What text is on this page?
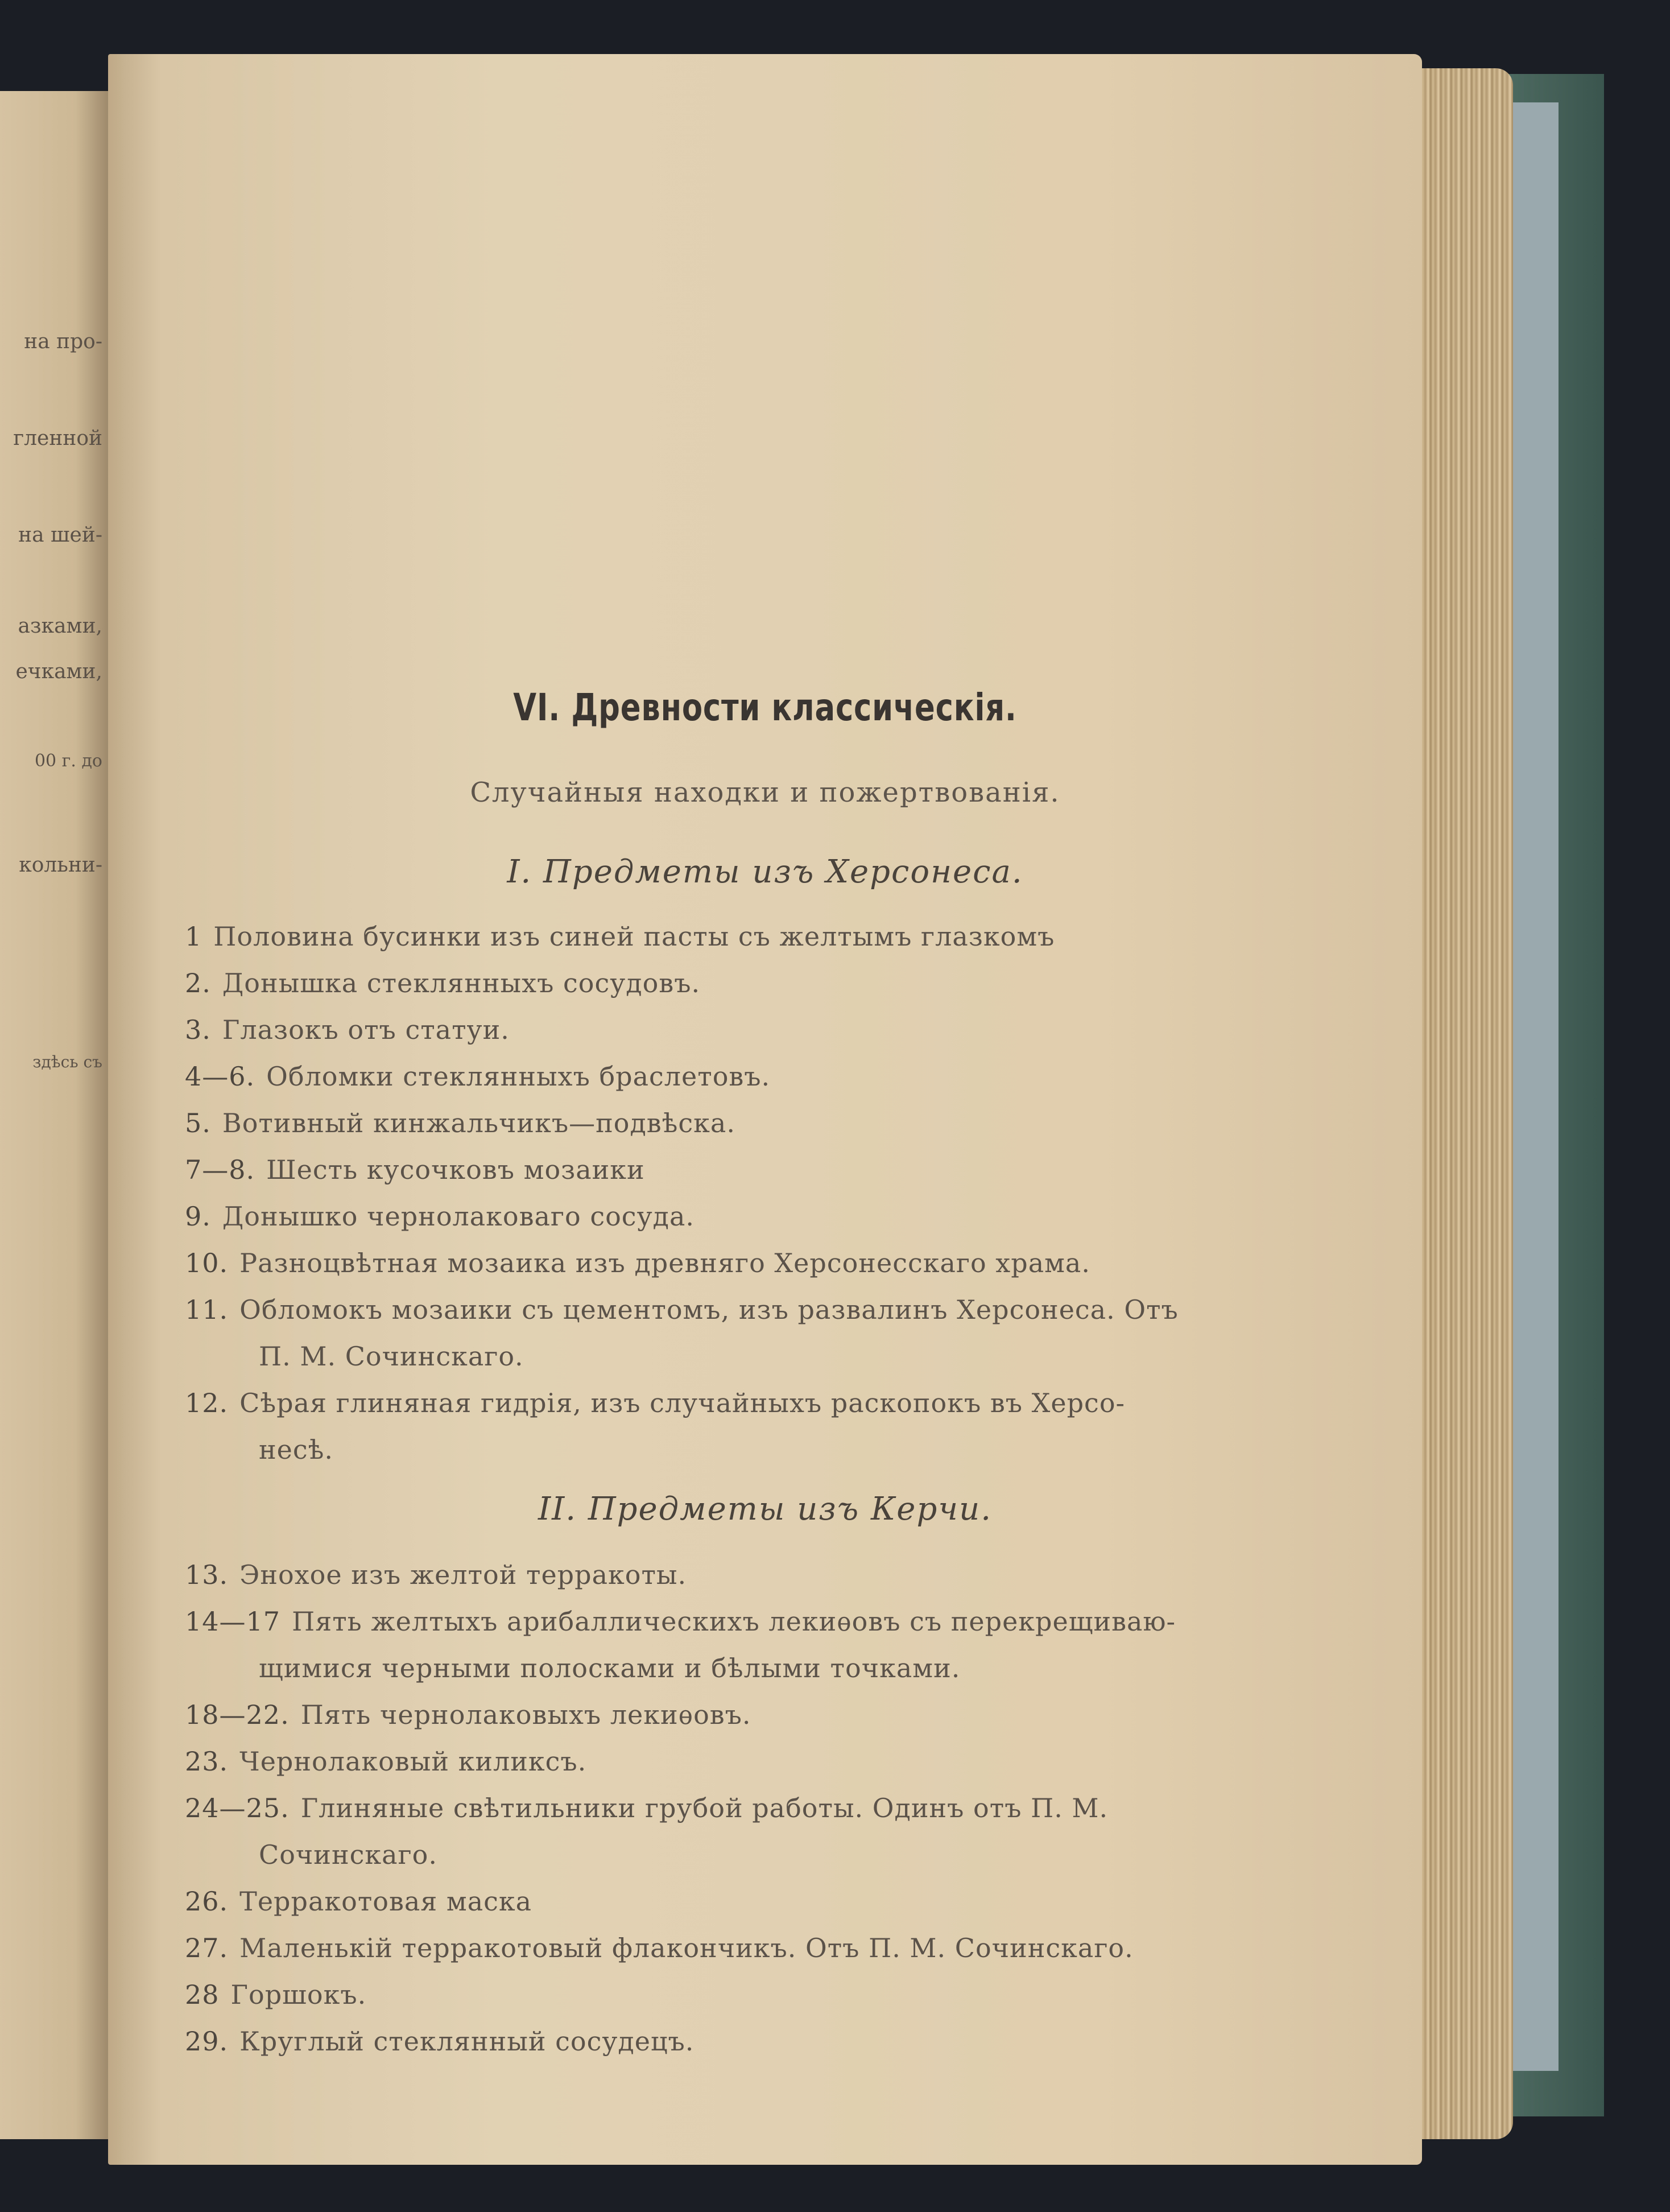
на про-
гленной
на шей-
азками,
ечками,
00 г. до
кольни-
здѣсь съ
VI. Древности классическія.
Случайныя находки и пожертвованія.
I. Предметы изъ Херсонеса.
1 Половина бусинки изъ синей пасты съ желтымъ глазкомъ
2. Донышка стеклянныхъ сосудовъ.
3. Глазокъ отъ статуи.
4—6. Обломки стеклянныхъ браслетовъ.
5. Вотивный кинжальчикъ—подвѣска.
7—8. Шесть кусочковъ мозаики
9. Донышко чернолаковаго сосуда.
10. Разноцвѣтная мозаика изъ древняго Херсонесскаго храма.
11. Обломокъ мозаики съ цементомъ, изъ развалинъ Херсонеса. Отъ
П. М. Сочинскаго.
12. Сѣрая глиняная гидрія, изъ случайныхъ раскопокъ въ Херсо-
несѣ.
II. Предметы изъ Керчи.
13. Энохое изъ желтой терракоты.
14—17 Пять желтыхъ арибаллическихъ лекиѳовъ съ перекрещиваю-
щимися черными полосками и бѣлыми точками.
18—22. Пять чернолаковыхъ лекиѳовъ.
23. Чернолаковый киликсъ.
24—25. Глиняные свѣтильники грубой работы. Одинъ отъ П. М.
Сочинскаго.
26. Терракотовая маска
27. Маленькій терракотовый флакончикъ. Отъ П. М. Сочинскаго.
28 Горшокъ.
29. Круглый стеклянный сосудецъ.
